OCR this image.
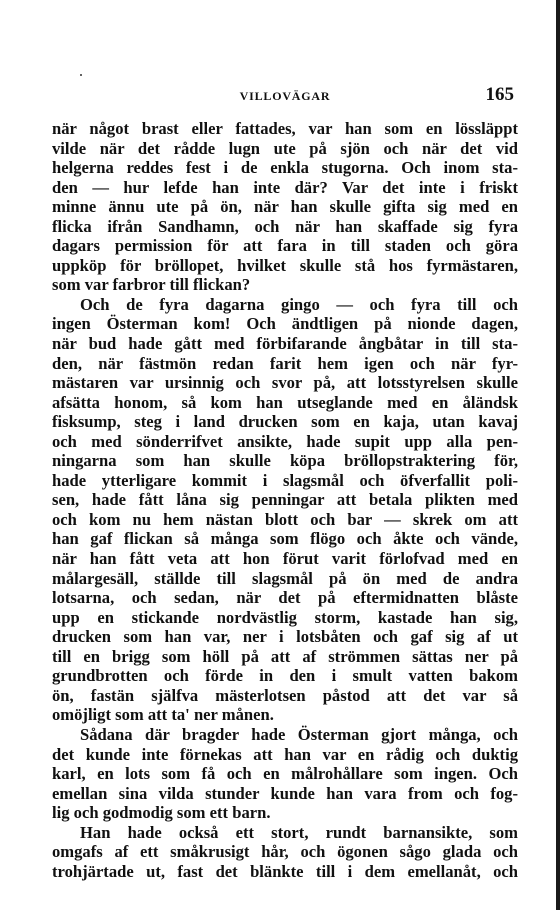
VILLOVÄGAR	165
när något brast eller fattades, var han som en lössläppt
vilde när det rådde lugn ute på sjön och när det vid
helgerna reddes fest i de enkla stugorna. Och inom sta-
den — hur lefde han inte där? Var det inte i friskt
minne ännu ute på ön, när han skulle gifta sig med en
flicka ifrån Sandhamn, och när han skaffade sig fyra
dagars permission för att fara in till staden och göra
uppköp för bröllopet, hvilket skulle stå hos fyrmästaren,
som var farbror till flickan?
Och de fyra dagarna gingo — och fyra till och
ingen Österman kom! Och ändtligen på nionde dagen,
när bud hade gått med förbifarande ångbåtar in till sta-
den, när fästmön redan farit hem igen och när fyr-
mästaren var ursinnig och svor på, att lotsstyrelsen skulle
afsätta honom, så kom han utseglande med en åländsk
fisksump, steg i land drucken som en kaja, utan kavaj
och med sönderrifvet ansikte, hade supit upp alla pen-
ningarna som han skulle köpa bröllopstraktering för,
hade ytterligare kommit i slagsmål och öfverfallit poli-
sen, hade fått låna sig penningar att betala plikten med
och kom nu hem nästan blott och bar — skrek om att
han gaf flickan så många som flögo och åkte och vände,
när han fått veta att hon förut varit förlofvad med en
målargesäll, ställde till slagsmål på ön med de andra
lotsarna, och sedan, när det på eftermidnatten blåste
upp en stickande nordvästlig storm, kastade han sig,
drucken som han var, ner i lotsbåten och gaf sig af ut
till en brigg som höll på att af strömmen sättas ner på
grundbrotten och förde in den i smult vatten bakom
ön, fastän själfva mästerlotsen påstod att det var så
omöjligt som att ta' ner månen.
Sådana där bragder hade Österman gjort många, och
det kunde inte förnekas att han var en rådig och duktig
karl, en lots som få och en målrohållare som ingen. Och
emellan sina vilda stunder kunde han vara from och fog-
lig och godmodig som ett barn.
Han hade också ett stort, rundt barnansikte, som
omgafs af ett småkrusigt hår, och ögonen sågo glada och
trohjärtade ut, fast det blänkte till i dem emellanåt, och
